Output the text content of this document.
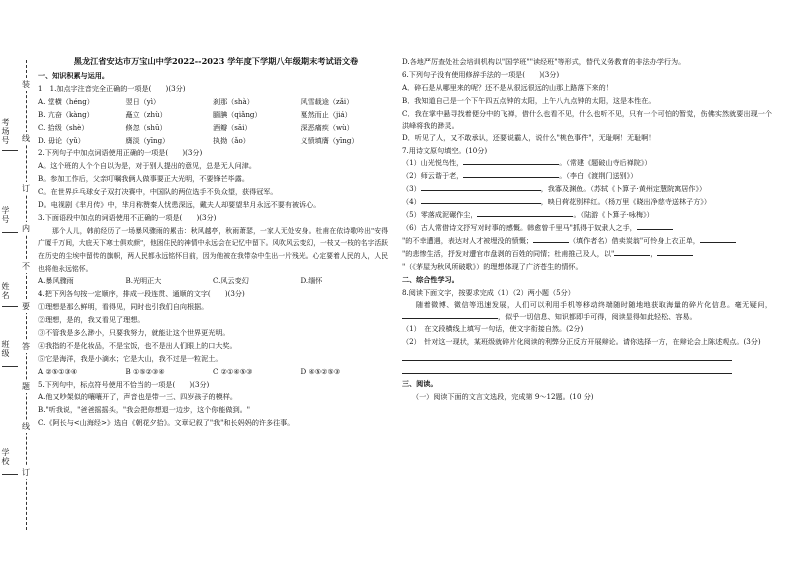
考场号
学号
姓名
班级
学校
装
线
订
内
不
要
答
题
线
订
黑龙江省安达市万宝山中学2022--2023 学年度下学期八年级期末考试语文卷
一、知识积累与运用。
1　1.加点字注音完全正确的一项是(　　)(3分)
A. 堂横（héng）	翌日（yì）	刹那（shà）	风雪载途（zǎi）
B. 亢奋（kàng）	矗立（zhù）	腼腆（qiǎng）	戛然而止（jiá）
C. 拾级（shè）	倏忽（shū）	酒瓣（sāi）	深恶痛疾（wù）
D. 毋论（yǔ）	膺淡（yīng）	执拗（ǎo）	义愤填膺（yīng）
2.下列句子中加点词语使用正确的一项是(　　)(3分)
A。这个班的人个个自以为是，对于别人提出的意见，总是无人问津。
B。参加工作后，父亲叮嘱我俩人做事要正大光明，不要锋芒毕露。
C。在世界乒乓球女子双打决赛中，中国队的两位选手不负众望，获得冠军。
D。电视剧《芈月传》中，芈月称赞秦人忧患深远，戴夫人却要望芈月永远不要有被诉心。
3.下面语段中加点的词语使用不正确的一项是(　　)(3分)
那个人儿，韩前经历了一场暴风骤雨的累击：秋风越亭，秋雨萧瑟，一家人无处安身。杜甫在依诗歌吟出"安得广厦千万间，大庇天下寒士俱欢颜"，他困住民的神情中永远会在记忆中留下。风吹风云变幻，一枝又一枝的名字活跃在历史的尘埃中留传的旗帜，两人民都永远铭怀目前，因为他被在我带杂中生出一片残光。心定要着人民的人，人民也将他永远铭怀。
A.暴风骤雨	B.光明正大	C.风云变幻	D.缅怀
4.把下列各句按一定顺序，排成一段连贯、通顺的文字(　　)(3分)
①理想是那么鲜明，看得见，同时也引我们自向根据。
②理想，是的，我又看见了理想。
③不管我是多么渺小，只要我努力，就能让这个世界更光明。
④我指的不是化妆品，不是宝饭，也不是出人们眼上的口大奖。
⑤它是海洋，我是小滴水；它是大山，我不过是一粒泥土。
A ②⑤①③④	B ①⑤②③④	C ②①④⑤③	D ④⑤②⑤③
5.下列句中，标点符号使用不恰当的一项是(　　)(3分)
A.他又吵架似的嚷嚷开了，声音也是带一三、四岁孩子的模样。
B."听我说，"爸爸摇摇头，"我会把你想退一边步，这个你能做到。"
C.《阿长与<山海经>》选自《朝花夕拾》。文章记叙了"我"和长妈妈的许多往事。
D.各地严厉查处社会培训机构以"国学班""读经班"等形式，替代义务教育的非法办学行为。
6.下列句子没有使用修辞手法的一项是(　　)(3分)
A．碎石是从哪里来的呢？还不是从很远很远的山那上路落下来的！
B．我知道自己是一个下午四五点钟的太阳，上午八九点钟的太阳，这是本性在。
C．我在掌中悬寻找着便分中的飞禅，借什么也看不见，什么也听不见，只有一个可怕的暂觉，伤佛实然就要出现一个洪峰将我的渺灵。
D．听见了人，又不敢承认，还要说霸人，说什么"桃色事件"，无耻啊！无耻啊！
7.用诗文原句填空。(10分)
（1）山光悦鸟性，	。（常建《题破山寺后禅院》）
（2）师云谐于老，	。（李白《渡荆门送别》）
（3）	，我寡及渊鱼。（苏轼《卜算子·黄州定慧院寓居作》）
（4）	，映日荷花别样红。（杨万里《晓出净慈寺送林子方》）
（5）零落成泥碾作尘，	。（陆游《卜算子·咏梅》）
（6）古人常借诗文抒写对时事的感慨。韩愈曾千里马"抓得于奴隶人之手，
"的不幸遭遇，表达对人才被埋没的愤慨；	（填作者名）借卖炭翁"可怜身上衣正单，
"的悲惨生活，抒发对遭官市盘剥的百姓的同情；杜甫推己及人，以"	，
"（《茅屋为秋风所破歌》）的理想体现了广济苍生的情怀。
二、综合性学习。
8.阅读下面文字，按要求完成（1）（2）两小题（5分）
随着微博、微信等迅速发展，人们可以利用手机等移动终端随时随地地获取海量的碎片化信息。毫无疑问，，似乎一切信息、知识都即手可得，阅读显得如此轻松、容易。
（1）　在文段横线上填写一句话，使文字衔接自然。(2分)
（2）　针对这一现状，某班级就碎片化阅读的利弊分正反方开展辩论。请你选择一方，在辩论会上陈述观点。(3分)
三、阅读。
（一）阅读下面的文言文选段，完成第 9～12题。(10 分)
